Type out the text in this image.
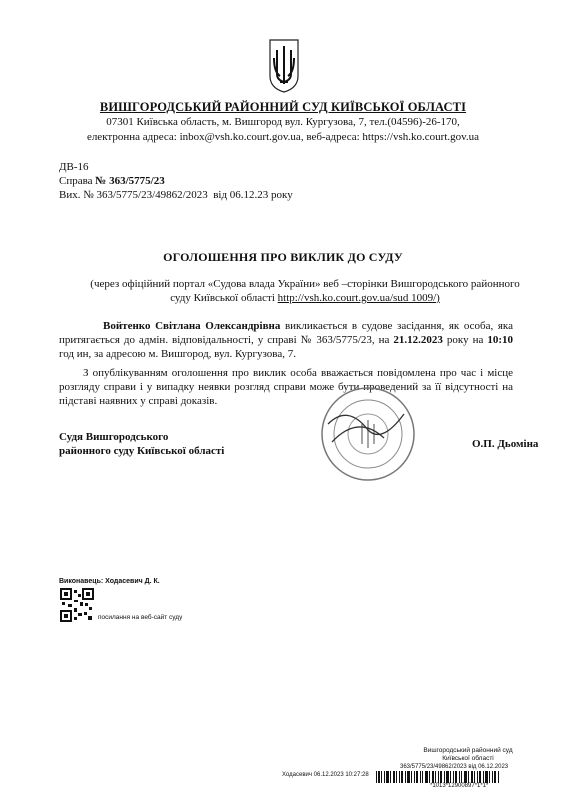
ВИШГОРОДСЬКИЙ РАЙОННИЙ СУД КИЇВСЬКОЇ ОБЛАСТІ
07301 Київська область, м. Вишгород вул. Кургузова, 7, тел.(04596)-26-170,
електронна адреса: inbox@vsh.ko.court.gov.ua, веб-адреса: https://vsh.ko.court.gov.ua
ДВ-16
Справа № 363/5775/23
Вих. № 363/5775/23/49862/2023 від 06.12.23 року
ОГОЛОШЕННЯ ПРО ВИКЛИК ДО СУДУ
(через офіційний портал «Судова влада України» веб –сторінки Вишгородського районного
суду Київської області http://vsh.ko.court.gov.ua/sud 1009/)
Войтенко Світлана Олександрівна викликається в судове засідання, як особа, яка притягається до адмін. відповідальності, у справі № 363/5775/23, на 21.12.2023 року на 10:10 год ин, за адресою м. Вишгород, вул. Кургузова, 7.
З опублікуванням оголошення про виклик особа вважається повідомлена про час і місце розгляду справи і у випадку неявки розгляд справи може бути проведений за її відсутності на підставі наявних у справі доказів.
Судя Вишгородського
районного суду Київської області
О.П. Дьоміна
Виконавець: Ходасевич Д. К.
посилання на веб-сайт суду
Вишгородський районний суд
Київської області
363/5775/23/49862/2023 від 06.12.2023
Ходасевич 06.12.2023 10:27:28
*1013*12900897*1*1*
